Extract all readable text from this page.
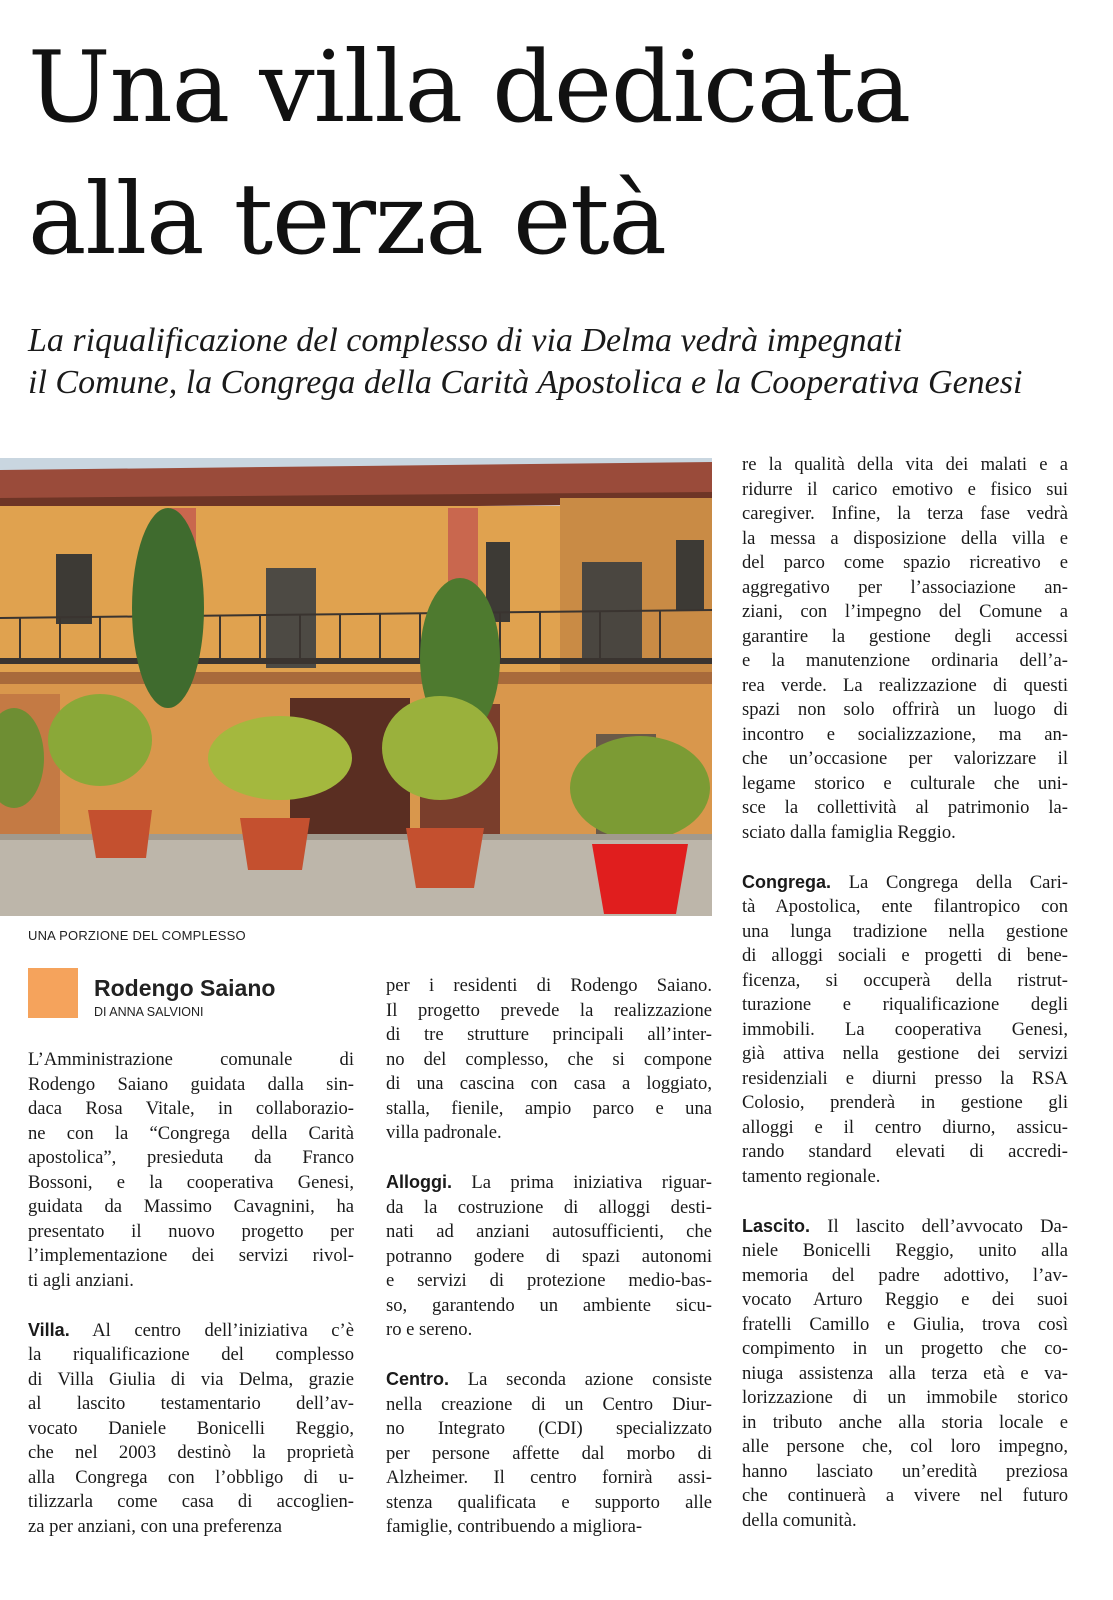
Una villa dedicata
alla terza età

La riqualificazione del complesso di via Delma vedrà impegnati
il Comune, la Congrega della Carità Apostolica e la Cooperativa Genesi

UNA PORZIONE DEL COMPLESSO
Rodengo Saiano
DI ANNA SALVIONI
L’Amministrazione comunale di
Rodengo Saiano guidata dalla sin-
daca Rosa Vitale, in collaborazio-
ne con la “Congrega della Carità
apostolica”, presieduta da Franco
Bossoni, e la cooperativa Genesi,
guidata da Massimo Cavagnini, ha
presentato il nuovo progetto per
l’implementazione dei servizi rivol-
ti agli anziani.
Villa. Al centro dell’iniziativa c’è
la riqualificazione del complesso
di Villa Giulia di via Delma, grazie
al lascito testamentario dell’av-
vocato Daniele Bonicelli Reggio,
che nel 2003 destinò la proprietà
alla Congrega con l’obbligo di u-
tilizzarla come casa di accoglien-
za per anziani, con una preferenza
per i residenti di Rodengo Saiano.
Il progetto prevede la realizzazione
di tre strutture principali all’inter-
no del complesso, che si compone
di una cascina con casa a loggiato,
stalla, fienile, ampio parco e una
villa padronale.
Alloggi. La prima iniziativa riguar-
da la costruzione di alloggi desti-
nati ad anziani autosufficienti, che
potranno godere di spazi autonomi
e servizi di protezione medio-bas-
so, garantendo un ambiente sicu-
ro e sereno.
Centro. La seconda azione consiste
nella creazione di un Centro Diur-
no Integrato (CDI) specializzato
per persone affette dal morbo di
Alzheimer. Il centro fornirà assi-
stenza qualificata e supporto alle
famiglie, contribuendo a migliora-
re la qualità della vita dei malati e a
ridurre il carico emotivo e fisico sui
caregiver. Infine, la terza fase vedrà
la messa a disposizione della villa e
del parco come spazio ricreativo e
aggregativo per l’associazione an-
ziani, con l’impegno del Comune a
garantire la gestione degli accessi
e la manutenzione ordinaria dell’a-
rea verde. La realizzazione di questi
spazi non solo offrirà un luogo di
incontro e socializzazione, ma an-
che un’occasione per valorizzare il
legame storico e culturale che uni-
sce la collettività al patrimonio la-
sciato dalla famiglia Reggio.
Congrega. La Congrega della Cari-
tà Apostolica, ente filantropico con
una lunga tradizione nella gestione
di alloggi sociali e progetti di bene-
ficenza, si occuperà della ristrut-
turazione e riqualificazione degli
immobili. La cooperativa Genesi,
già attiva nella gestione dei servizi
residenziali e diurni presso la RSA
Colosio, prenderà in gestione gli
alloggi e il centro diurno, assicu-
rando standard elevati di accredi-
tamento regionale.
Lascito. Il lascito dell’avvocato Da-
niele Bonicelli Reggio, unito alla
memoria del padre adottivo, l’av-
vocato Arturo Reggio e dei suoi
fratelli Camillo e Giulia, trova così
compimento in un progetto che co-
niuga assistenza alla terza età e va-
lorizzazione di un immobile storico
in tributo anche alla storia locale e
alle persone che, col loro impegno,
hanno lasciato un’eredità preziosa
che continuerà a vivere nel futuro
della comunità.
